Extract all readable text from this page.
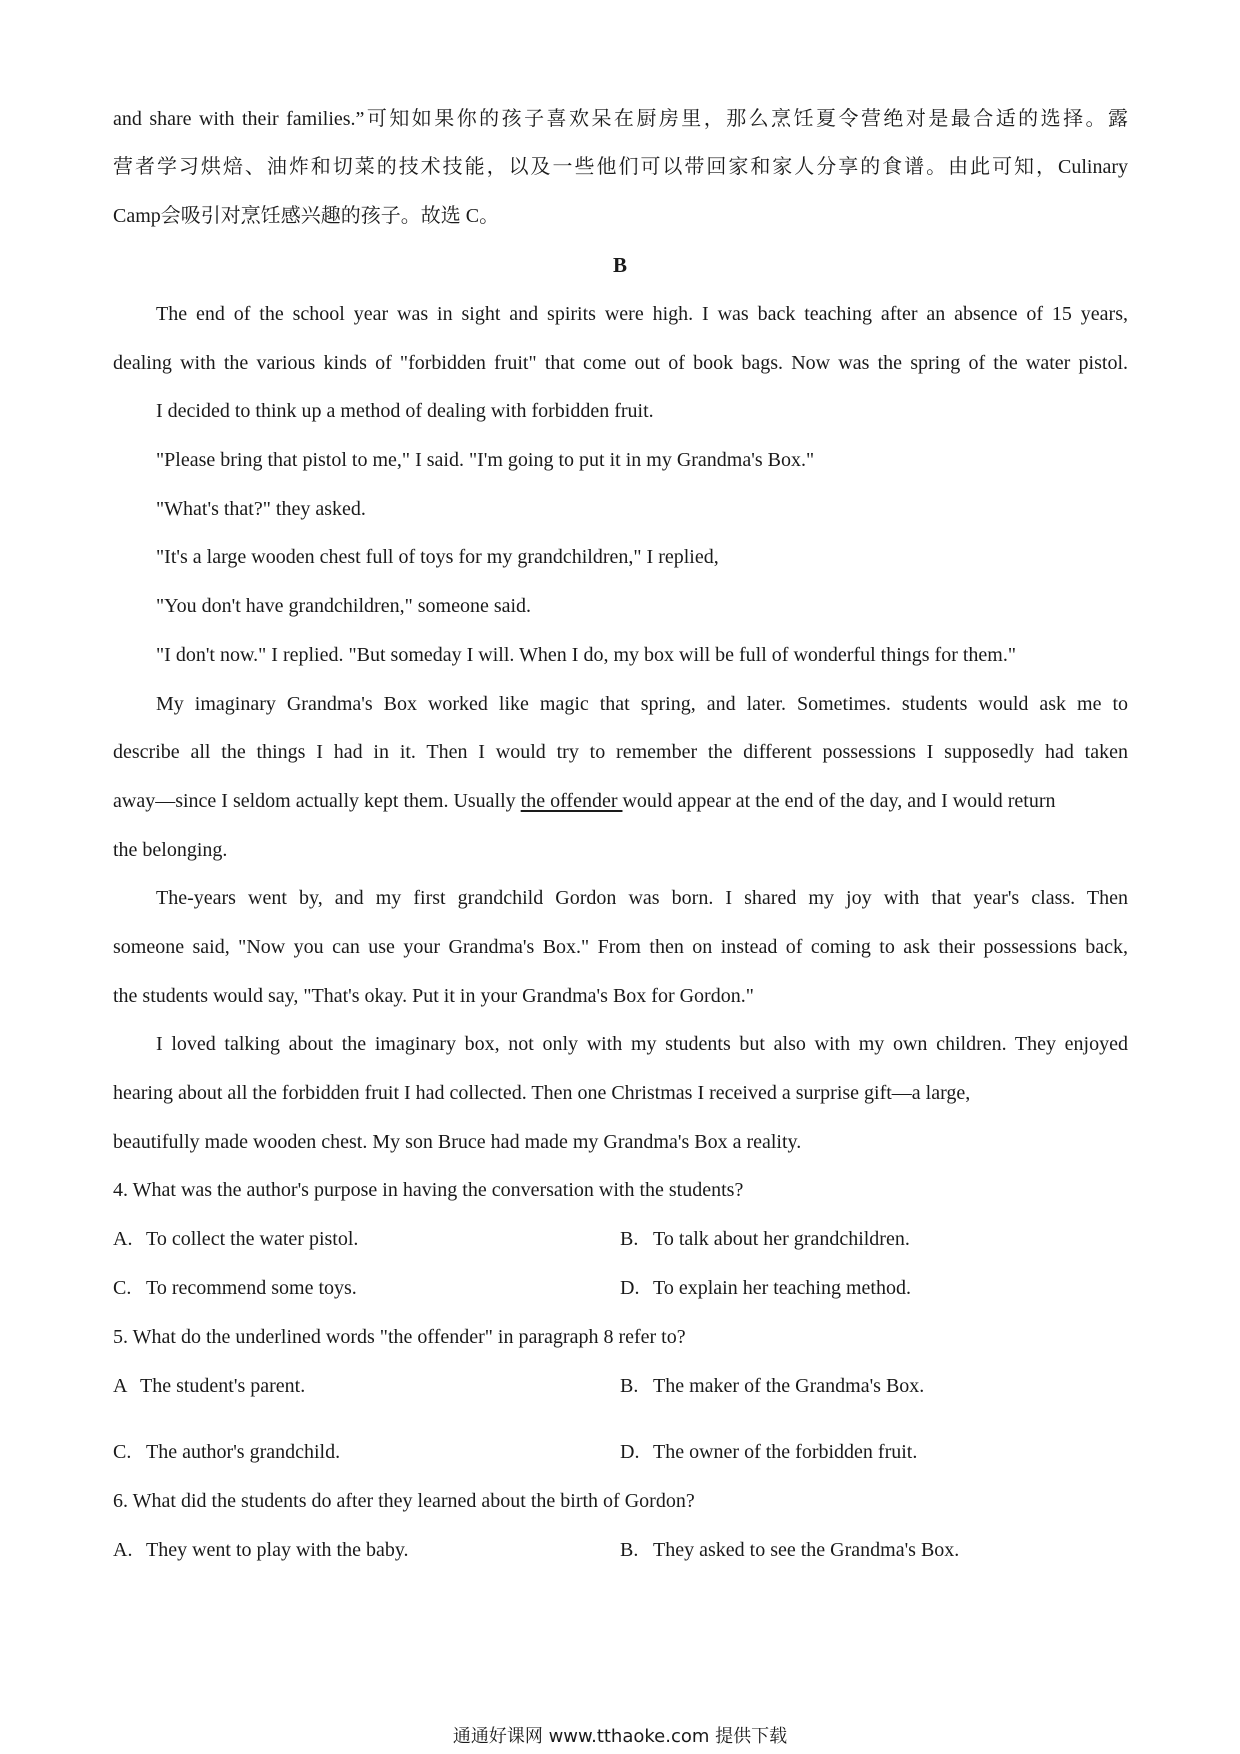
and share with their families.”可知如果你的孩子喜欢呆在厨房里，那么烹饪夏令营绝对是最合适的选择。露
营者学习烘焙、油炸和切菜的技术技能，以及一些他们可以带回家和家人分享的食谱。由此可知，Culinary
Camp会吸引对烹饪感兴趣的孩子。故选 C。
B
The end of the school year was in sight and spirits were high. I was back teaching after an absence of 15 years,
dealing with the various kinds of "forbidden fruit" that come out of book bags. Now was the spring of the water pistol.
I decided to think up a method of dealing with forbidden fruit.
"Please bring that pistol to me," I said. "I'm going to put it in my Grandma's Box."
"What's that?" they asked.
"It's a large wooden chest full of toys for my grandchildren," I replied,
"You don't have grandchildren," someone said.
"I don't now." I replied. "But someday I will. When I do, my box will be full of wonderful things for them."
My imaginary Grandma's Box worked like magic that spring, and later. Sometimes. students would ask me to
describe all the things I had in it. Then I would try to remember the different possessions I supposedly had taken
away—since I seldom actually kept them. Usually the offender would appear at the end of the day, and I would return
the belonging.
The-years went by, and my first grandchild Gordon was born. I shared my joy with that year's class. Then
someone said, "Now you can use your Grandma's Box." From then on instead of coming to ask their possessions back,
the students would say, "That's okay. Put it in your Grandma's Box for Gordon."
I loved talking about the imaginary box, not only with my students but also with my own children. They enjoyed
hearing about all the forbidden fruit I had collected. Then one Christmas I received a surprise gift—a large,
beautifully made wooden chest. My son Bruce had made my Grandma's Box a reality.
4. What was the author's purpose in having the conversation with the students?
A. To collect the water pistol.	B. To talk about her grandchildren.
C. To recommend some toys.	D. To explain her teaching method.
5. What do the underlined words "the offender" in paragraph 8 refer to?
A The student's parent.	B. The maker of the Grandma's Box.
C. The author's grandchild.	D. The owner of the forbidden fruit.
6. What did the students do after they learned about the birth of Gordon?
A. They went to play with the baby.	B. They asked to see the Grandma's Box.
通通好课网 www.tthaoke.com 提供下载
